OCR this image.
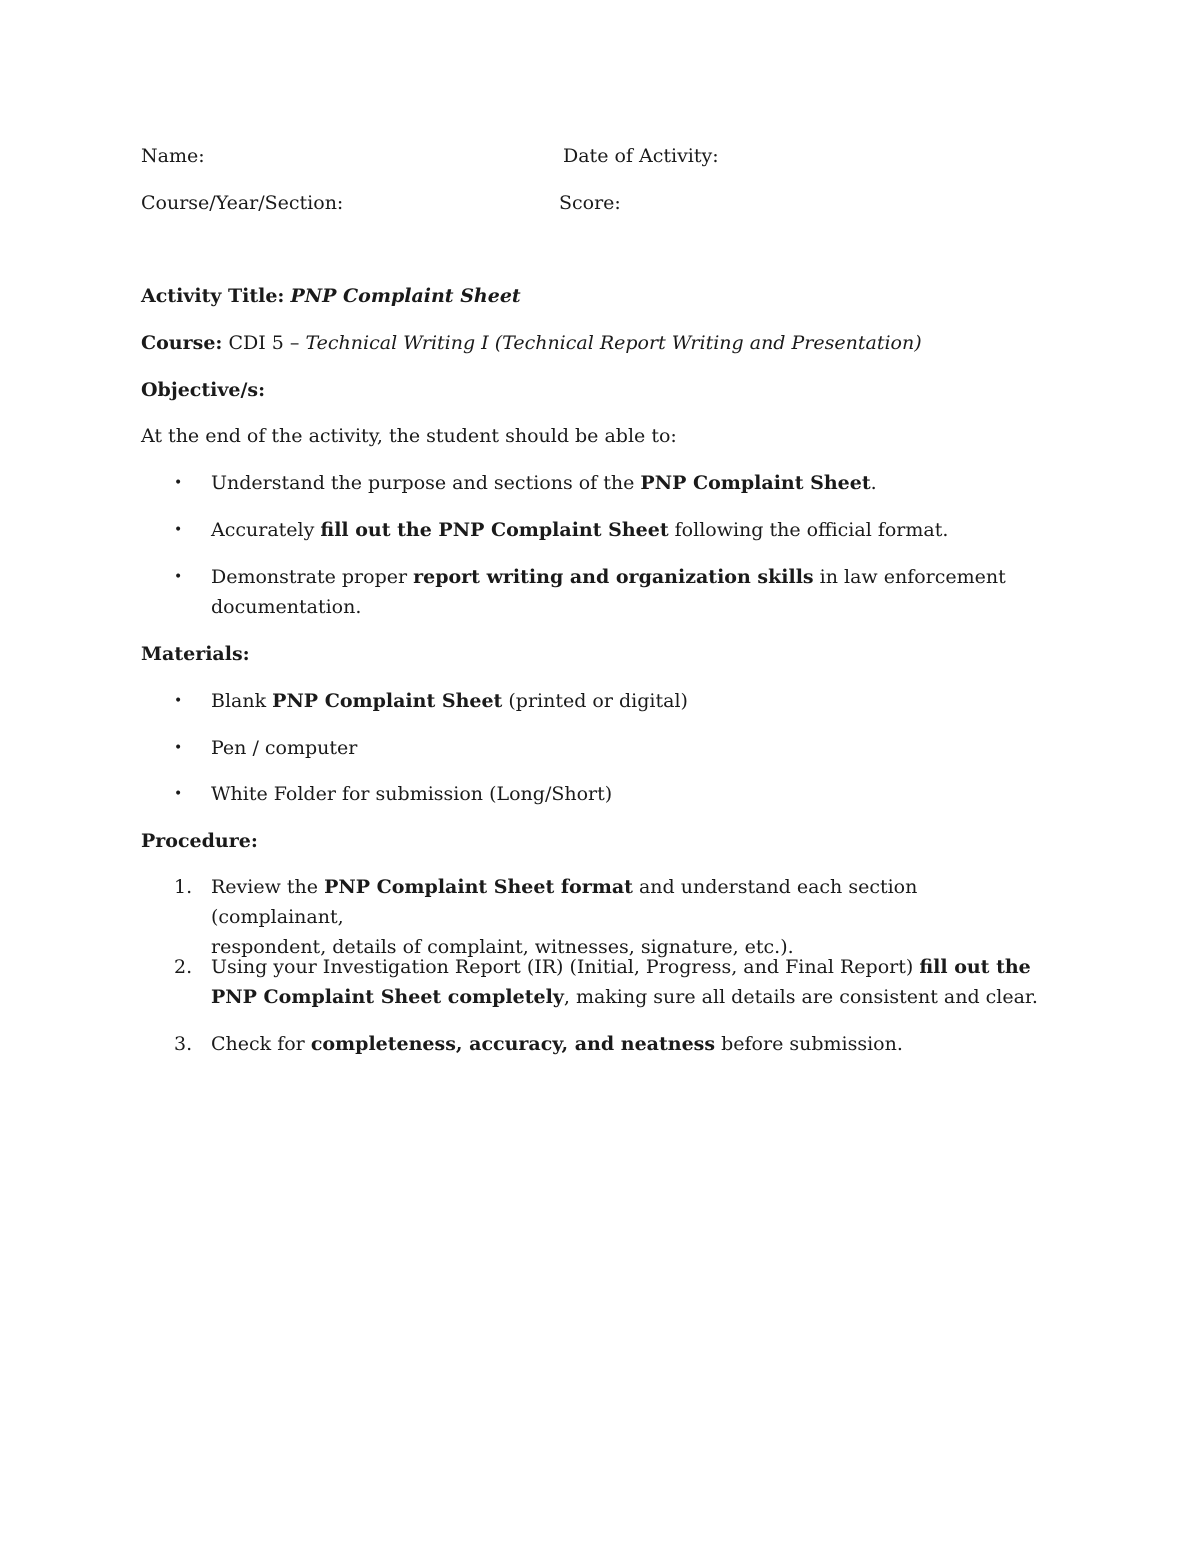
Name:	Date of Activity:
Course/Year/Section:	Score:
Activity Title: PNP Complaint Sheet
Course: CDI 5 – Technical Writing I (Technical Report Writing and Presentation)
Objective/s:
At the end of the activity, the student should be able to:
• Understand the purpose and sections of the PNP Complaint Sheet.
• Accurately fill out the PNP Complaint Sheet following the official format.
• Demonstrate proper report writing and organization skills in law enforcement
documentation.
Materials:
• Blank PNP Complaint Sheet (printed or digital)
• Pen / computer
• White Folder for submission (Long/Short)
Procedure:
1. Review the PNP Complaint Sheet format and understand each section (complainant,
respondent, details of complaint, witnesses, signature, etc.).
2. Using your Investigation Report (IR) (Initial, Progress, and Final Report) fill out the
PNP Complaint Sheet completely, making sure all details are consistent and clear.
3. Check for completeness, accuracy, and neatness before submission.
